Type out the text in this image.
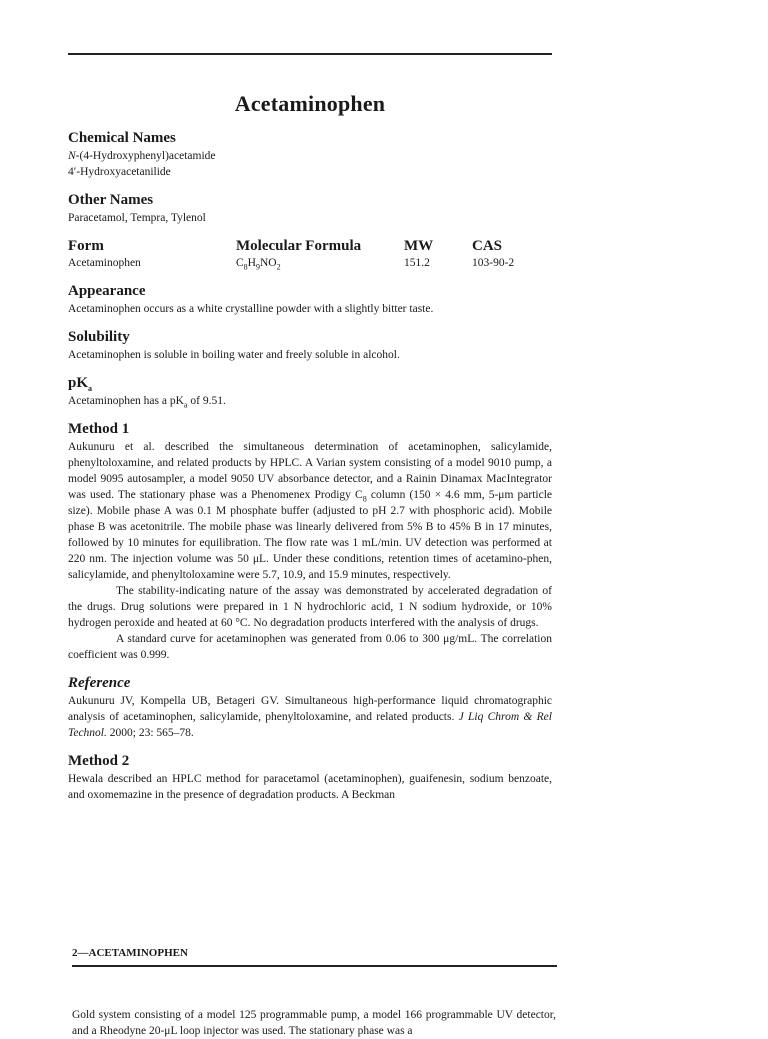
Acetaminophen
Chemical Names

N-(4-Hydroxyphenyl)acetamide

4′-Hydroxyacetanilide

Other Names

Paracetamol, Tempra, Tylenol

Form	Molecular Formula	MW	CAS
Acetaminophen	$C_8H_9NO_2$	151.2	103-90-2
Appearance

Acetaminophen occurs as a white crystalline powder with a slightly bitter taste.

Solubility

Acetaminophen is soluble in boiling water and freely soluble in alcohol.

$pK_a$

Acetaminophen has a $pK_a$ of 9.51.

Method 1

Aukunuru et al. described the simultaneous determination of acetaminophen, salicylamide, phenyltoloxamine, and related products by HPLC. A Varian system consisting of a model 9010 pump, a model 9095 autosampler, a model 9050 UV absorbance detector, and a Rainin Dinamax MacIntegrator was used. The stationary phase was a Phenomenex Prodigy $C_8$ column (150 × 4.6 mm, 5-μm particle size). Mobile phase A was 0.1 M phosphate buffer (adjusted to pH 2.7 with phosphoric acid). Mobile phase B was acetonitrile. The mobile phase was linearly delivered from 5% B to 45% B in 17 minutes, followed by 10 minutes for equilibration. The flow rate was 1 mL/min. UV detection was performed at 220 nm. The injection volume was 50 μL. Under these conditions, retention times of acetamino-phen, salicylamide, and phenyltoloxamine were 5.7, 10.9, and 15.9 minutes, respectively.

The stability-indicating nature of the assay was demonstrated by accelerated degradation of the drugs. Drug solutions were prepared in 1 N hydrochloric acid, 1 N sodium hydroxide, or 10% hydrogen peroxide and heated at 60 °C. No degradation products interfered with the analysis of drugs.

A standard curve for acetaminophen was generated from 0.06 to 300 μg/mL. The correlation coefficient was 0.999.

Reference

Aukunuru JV, Kompella UB, Betageri GV. Simultaneous high-performance liquid chromatographic analysis of acetaminophen, salicylamide, phenyltoloxamine, and related products. J Liq Chrom & Rel Technol. 2000; 23: 565–78.

Method 2

Hewala described an HPLC method for paracetamol (acetaminophen), guaifenesin, sodium benzoate, and oxomemazine in the presence of degradation products. A Beckman

2—ACETAMINOPHEN

Gold system consisting of a model 125 programmable pump, a model 166 programmable UV detector, and a Rheodyne 20-μL loop injector was used. The stationary phase was a
